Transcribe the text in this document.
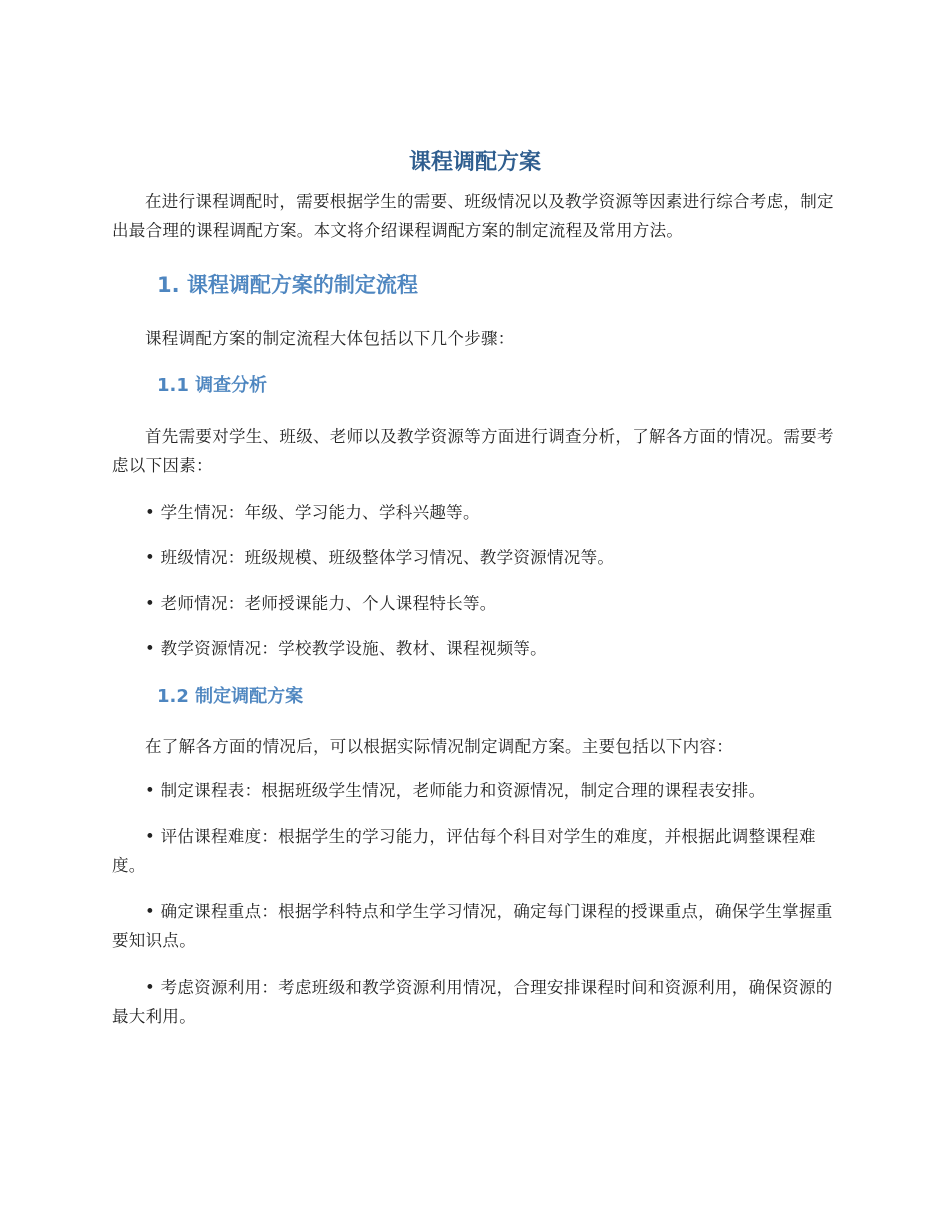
课程调配方案
在进行课程调配时，需要根据学生的需要、班级情况以及教学资源等因素进行综合考虑，制定出最合理的课程调配方案。本文将介绍课程调配方案的制定流程及常用方法。
1. 课程调配方案的制定流程
课程调配方案的制定流程大体包括以下几个步骤：
1.1 调查分析
首先需要对学生、班级、老师以及教学资源等方面进行调查分析，了解各方面的情况。需要考虑以下因素：
• 学生情况：年级、学习能力、学科兴趣等。
• 班级情况：班级规模、班级整体学习情况、教学资源情况等。
• 老师情况：老师授课能力、个人课程特长等。
• 教学资源情况：学校教学设施、教材、课程视频等。
1.2 制定调配方案
在了解各方面的情况后，可以根据实际情况制定调配方案。主要包括以下内容：
• 制定课程表：根据班级学生情况，老师能力和资源情况，制定合理的课程表安排。
• 评估课程难度：根据学生的学习能力，评估每个科目对学生的难度，并根据此调整课程难度。
• 确定课程重点：根据学科特点和学生学习情况，确定每门课程的授课重点，确保学生掌握重要知识点。
• 考虑资源利用：考虑班级和教学资源利用情况，合理安排课程时间和资源利用，确保资源的最大利用。
